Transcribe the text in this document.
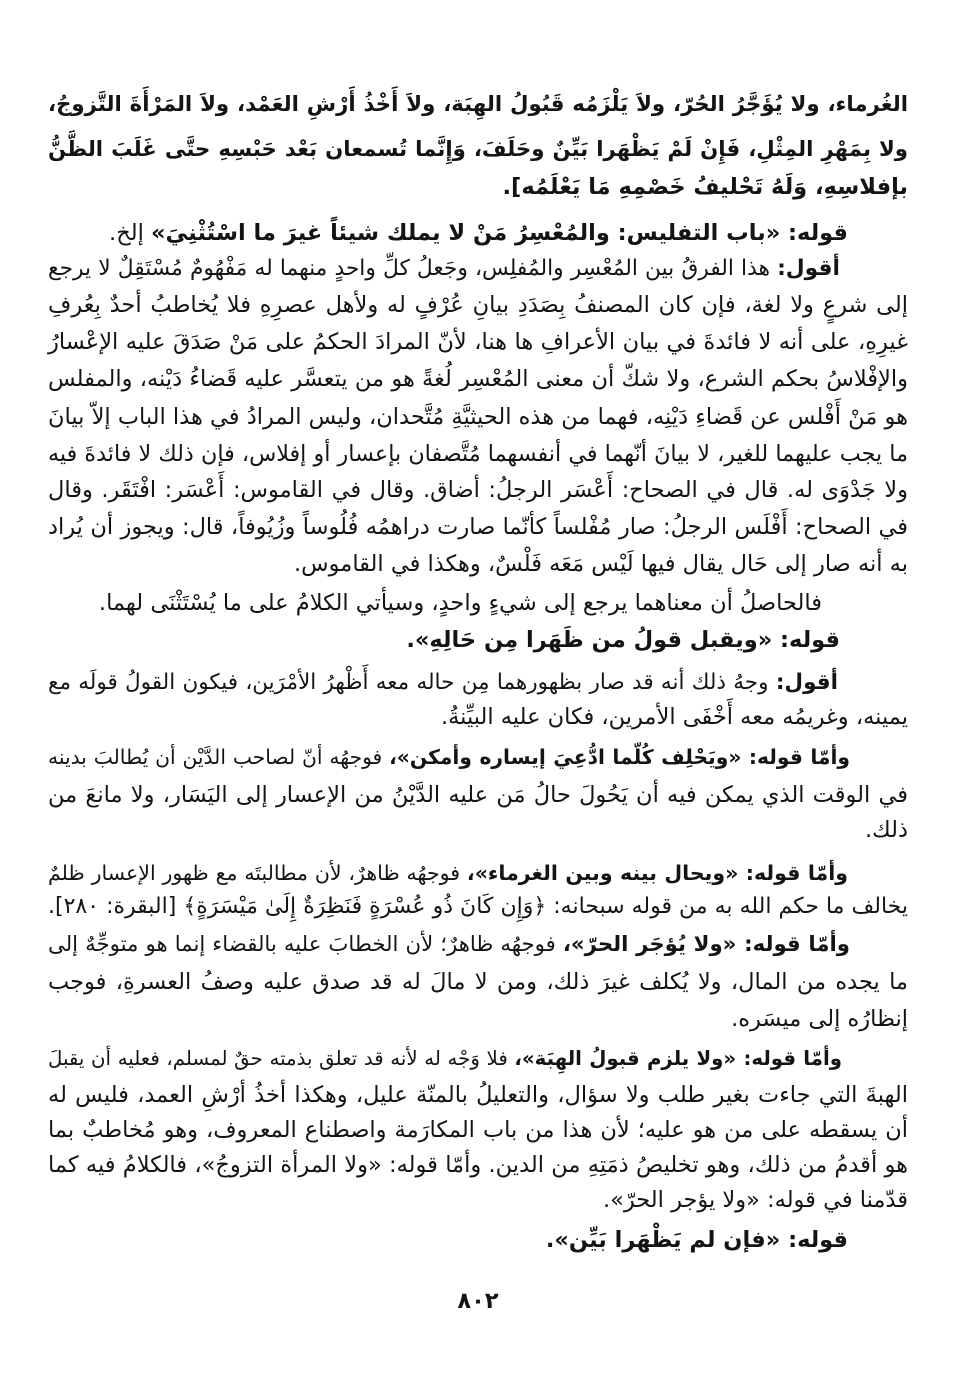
الغُرماء، ولا يُؤَجَّرُ الحُرّ، ولاَ يَلْزَمُه قَبُولُ الهِبَة، ولاَ أَخْذُ أَرْشِ العَمْد، ولاَ المَرْأَةَ التَّزوجُ،
ولا بِمَهْرِ المِثْلِ، فَإِنْ لَمْ يَظْهَرا بَيِّنٌ وحَلَفَ، وَإِنَّما تُسمعان بَعْد حَبْسِهِ حتَّى غَلَبَ الظَّنُّ
بإفلاسِهِ، وَلَهُ تَحْليفُ خَصْمِهِ مَا يَعْلَمُه].
قوله: «باب التفليس: والمُعْسِرُ مَنْ لا يملك شيئاً غيرَ ما اسْتُثْنِيَ» إلخ.
أقول: هذا الفرقُ بين المُعْسِر والمُفلِس، وجَعلُ كلِّ واحدٍ منهما له مَفْهُومٌ مُسْتَقِلٌ لا يرجع
إلى شرعٍ ولا لغة، فإن كان المصنفُ بِصَدَدِ بيانِ عُرْفٍ له ولأهل عصرِهِ فلا يُخاطبُ أحدٌ بِعُرفِ
غيرِهِ، على أنه لا فائدةَ في بيان الأعرافِ ها هنا، لأنّ المرادَ الحكمُ على مَنْ صَدَقَ عليه الإعْسارُ
والإفْلاسُ بحكم الشرع، ولا شكّ أن معنى المُعْسِر لُغةً هو من يتعسَّر عليه قَضاءُ دَيْنه، والمفلس
هو مَنْ أَفْلس عن قَضاءِ دَيْنِه، فهما من هذه الحيثيَّةِ مُتَّحدان، وليس المرادُ في هذا الباب إلاّ بيانَ
ما يجب عليهما للغير، لا بيانَ أنّهما في أنفسهما مُتَّصفان بإعسار أو إفلاس، فإن ذلك لا فائدةَ فيه
ولا جَدْوَى له. قال في الصحاح: أَعْسَر الرجلُ: أضاق. وقال في القاموس: أَعْسَر: افْتَقَر. وقال
في الصحاح: أَفْلَس الرجلُ: صار مُفْلساً كأنّما صارت دراهمُه فُلُوساً وزُيُوفاً، قال: ويجوز أن يُراد
به أنه صار إلى حَال يقال فيها لَيْس مَعَه فَلْسٌ، وهكذا في القاموس.
فالحاصلُ أن معناهما يرجع إلى شيءٍ واحدٍ، وسيأتي الكلامُ على ما يُسْتَثْنَى لهما.
قوله: «ويقبل قولُ من ظَهَرا مِن حَالِهِ».
أقول: وجهُ ذلك أنه قد صار بظهورهما مِن حاله معه أَظْهرُ الأمْرَين، فيكون القولُ قولَه مع
يمينه، وغريمُه معه أَخْفَى الأمرين، فكان عليه البيِّنةُ.
وأمّا قوله: «ويَحْلِف كُلّما ادُّعِيَ إيساره وأمكن»، فوجهُه أنّ لصاحب الدَّيْن أن يُطالبَ بدينه
في الوقت الذي يمكن فيه أن يَحُولَ حالُ مَن عليه الدَّيْنُ من الإعسار إلى اليَسَار، ولا مانعَ من
ذلك.
وأمّا قوله: «ويحال بينه وبين الغرماء»، فوجهُه ظاهرٌ، لأن مطالبتَه مع ظهور الإعسار ظلمٌ
يخالف ما حكم الله به من قوله سبحانه: ﴿وَإِن كَانَ ذُو عُسْرَةٍ فَنَظِرَةٌ إِلَىٰ مَيْسَرَةٍ﴾ [البقرة: ٢٨٠].
وأمّا قوله: «ولا يُؤجَر الحرّ»، فوجهُه ظاهرٌ؛ لأن الخطابَ عليه بالقضاء إنما هو متوجِّهٌ إلى
ما يجده من المال، ولا يُكلف غيرَ ذلك، ومن لا مالَ له قد صدق عليه وصفُ العسرةِ، فوجب
إنظارُه إلى ميسَره.
وأمّا قوله: «ولا يلزم قبولُ الهِبَة»، فلا وَجْه له لأنه قد تعلق بذمته حقٌ لمسلم، فعليه أن يقبلَ
الهبةَ التي جاءت بغير طلب ولا سؤال، والتعليلُ بالمنّة عليل، وهكذا أخذُ أرْشِ العمد، فليس له
أن يسقطه على من هو عليه؛ لأن هذا من باب المكارَمة واصطناع المعروف، وهو مُخاطبٌ بما
هو أقدمُ من ذلك، وهو تخليصُ ذمَتِهِ من الدين. وأمّا قوله: «ولا المرأة التزوجُ»، فالكلامُ فيه كما
قدّمنا في قوله: «ولا يؤجر الحرّ».
قوله: «فإن لم يَظْهَرا بَيِّن».
٨٠٢
